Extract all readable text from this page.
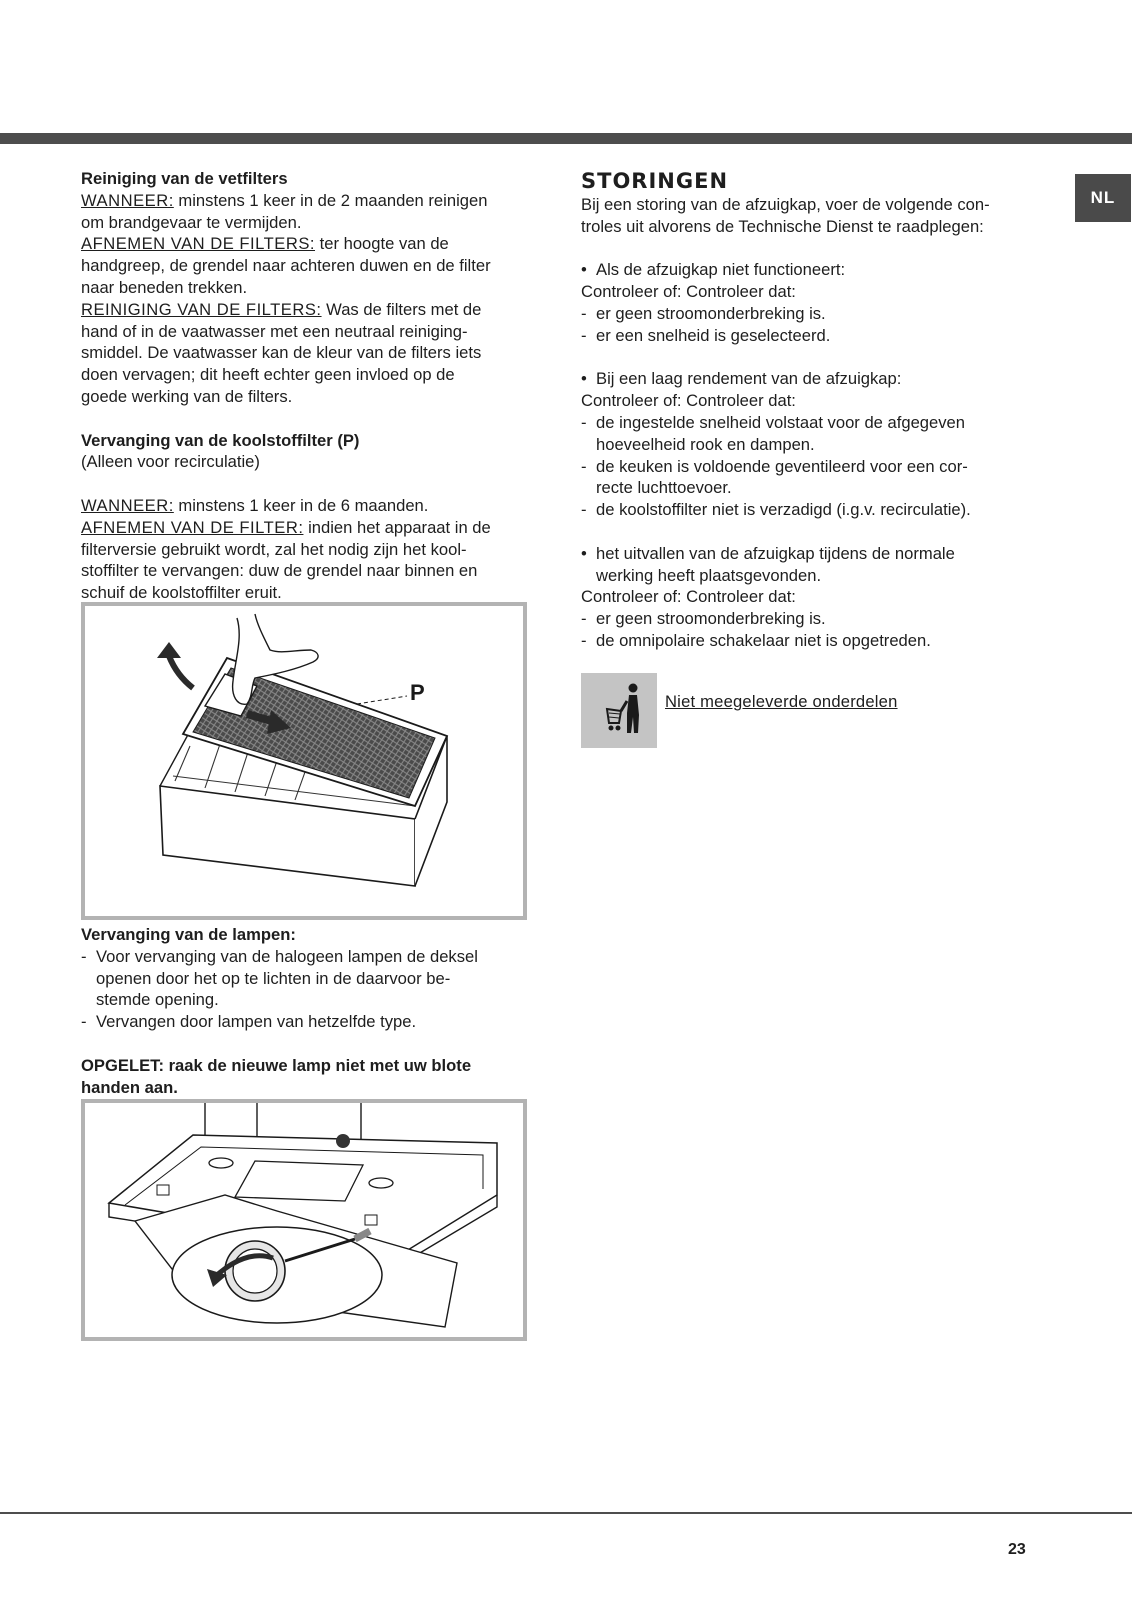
NL

Reiniging van de vetfilters

WANNEER: minstens 1 keer in de 2 maanden reinigen

om brandgevaar te vermijden.

AFNEMEN VAN DE FILTERS: ter hoogte van de

handgreep, de grendel naar achteren duwen en de filter

naar beneden trekken.

REINIGING VAN DE FILTERS: Was de filters met de

hand of in de vaatwasser met een neutraal reiniging-

smiddel. De vaatwasser kan de kleur van de filters iets

doen vervagen; dit heeft echter geen invloed op de

goede werking van de filters.

Vervanging van de koolstoffilter (P)

(Alleen voor recirculatie)

WANNEER: minstens 1 keer in de 6 maanden.

AFNEMEN VAN DE FILTER: indien het apparaat in de

filterversie gebruikt wordt, zal het nodig zijn het kool-

stoffilter te vervangen: duw de grendel naar binnen en

schuif de koolstoffilter eruit.

P

Vervanging van de lampen:

- Voor vervanging van de halogeen lampen de deksel
openen door het op te lichten in de daarvoor be-
stemde opening.
- Vervangen door lampen van hetzelfde type.

OPGELET: raak de nieuwe lamp niet met uw blote

handen aan.

STORINGEN

Bij een storing van de afzuigkap, voer de volgende con-

troles uit alvorens de Technische Dienst te raadplegen:

• Als de afzuigkap niet functioneert:
Controleer of: Controleer dat:
- er geen stroomonderbreking is.
- er een snelheid is geselecteerd.
• Bij een laag rendement van de afzuigkap:
Controleer of: Controleer dat:
- de ingestelde snelheid volstaat voor de afgegeven
hoeveelheid rook en dampen.
- de keuken is voldoende geventileerd voor een cor-
recte luchttoevoer.
- de koolstoffilter niet is verzadigd (i.g.v. recirculatie).
• het uitvallen van de afzuigkap tijdens de normale
werking heeft plaatsgevonden.
Controleer of: Controleer dat:
- er geen stroomonderbreking is.
- de omnipolaire schakelaar niet is opgetreden.
Niet meegeleverde onderdelen
23
